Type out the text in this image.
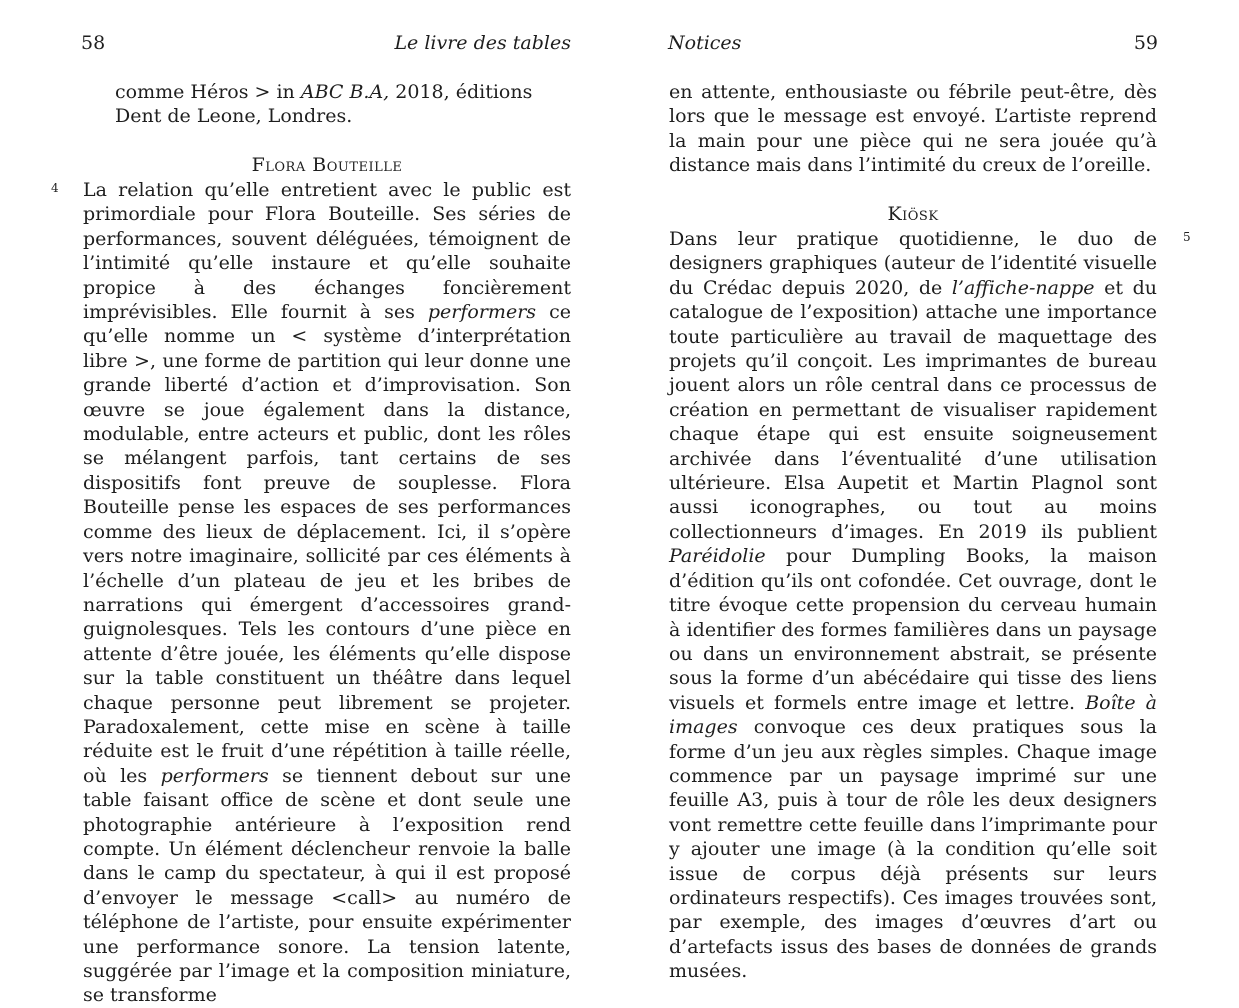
58	Le livre des tables

comme Héros > in ABC B.A, 2018, éditions Dent de Leone, Londres.

Flora Bouteille
4 La relation qu’elle entretient avec le public est primordiale pour Flora Bouteille. Ses séries de performances, souvent déléguées, témoignent de l’intimité qu’elle instaure et qu’elle souhaite propice à des échanges foncièrement imprévisibles. Elle fournit à ses performers ce qu’elle nomme un < système d’interprétation libre >, une forme de partition qui leur donne une grande liberté d’action et d’improvisation. Son œuvre se joue également dans la distance, modulable, entre acteurs et public, dont les rôles se mélangent parfois, tant certains de ses dispositifs font preuve de souplesse. Flora Bouteille pense les espaces de ses performances comme des lieux de déplacement. Ici, il s’opère vers notre imaginaire, sollicité par ces éléments à l’échelle d’un plateau de jeu et les bribes de narrations qui émergent d’accessoires grand-guignolesques. Tels les contours d’une pièce en attente d’être jouée, les éléments qu’elle dispose sur la table constituent un théâtre dans lequel chaque personne peut librement se projeter. Paradoxalement, cette mise en scène à taille réduite est le fruit d’une répétition à taille réelle, où les performers se tiennent debout sur une table faisant office de scène et dont seule une photographie antérieure à l’exposition rend compte. Un élément déclencheur renvoie la balle dans le camp du spectateur, à qui il est proposé d’envoyer le message <call> au numéro de téléphone de l’artiste, pour ensuite expérimenter une performance sonore. La tension latente, suggérée par l’image et la composition miniature, se transforme

Notices	59

en attente, enthousiaste ou fébrile peut-être, dès lors que le message est envoyé. L’artiste reprend la main pour une pièce qui ne sera jouée qu’à distance mais dans l’intimité du creux de l’oreille.

Kiösk
5

Dans leur pratique quotidienne, le duo de designers graphiques (auteur de l’identité visuelle du Crédac depuis 2020, de l’affiche-nappe et du catalogue de l’exposition) attache une importance toute particulière au travail de maquettage des projets qu’il conçoit. Les imprimantes de bureau jouent alors un rôle central dans ce processus de création en permettant de visualiser rapidement chaque étape qui est ensuite soigneusement archivée dans l’éventualité d’une utilisation ultérieure. Elsa Aupetit et Martin Plagnol sont aussi iconographes, ou tout au moins collectionneurs d’images. En 2019 ils publient Paréidolie pour Dumpling Books, la maison d’édition qu’ils ont cofondée. Cet ouvrage, dont le titre évoque cette propension du cerveau humain à identifier des formes familières dans un paysage ou dans un environnement abstrait, se présente sous la forme d’un abécédaire qui tisse des liens visuels et formels entre image et lettre. Boîte à images convoque ces deux pratiques sous la forme d’un jeu aux règles simples. Chaque image commence par un paysage imprimé sur une feuille A3, puis à tour de rôle les deux designers vont remettre cette feuille dans l’imprimante pour y ajouter une image (à la condition qu’elle soit issue de corpus déjà présents sur leurs ordinateurs respectifs). Ces images trouvées sont, par exemple, des images d’œuvres d’art ou d’artefacts issus des bases de données de grands musées.
